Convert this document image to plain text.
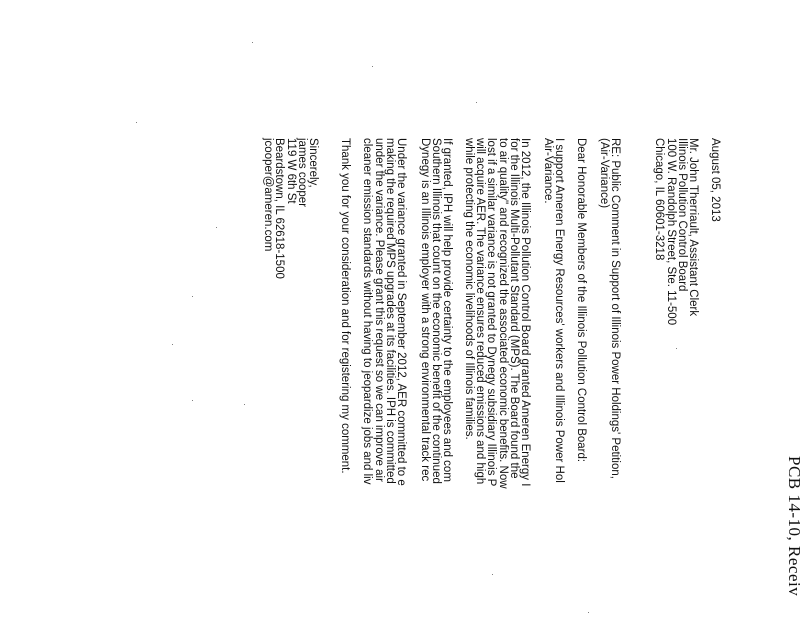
PCB 14-10, Receiv
August 05, 2013
Mr. John Therriault, Assistant Clerk
Illinois Pollution Control Board
100 W. Randolph Street, Ste. 11-500
Chicago, IL 60601-3218
RE: Public Comment in Support of Illinois Power Holdings' Petition,
(Air-Variance)
Dear Honorable Members of the Illinois Pollution Control Board:
I support Ameren Energy Resources' workers and Illinois Power Hol
Air-Variance.
In 2012, the Illinois Pollution Control Board granted Ameren Energy I
for the Illinois Multi-Pollutant Standard (MPS). The Board found the
to air quality" and recognized the associated economic benefits. Now
lost if a similar variance is not granted to Dynegy subsidiary Illinois P
will acquire AER. The variance ensures reduced emissions and high
while protecting the economic livelihoods of Illinois families.
If granted, IPH will help provide certainty to the employees and com
Southern Illinois that count on the economic benefit of the continued
Dynegy is an Illinois employer with a strong environmental track rec
Under the variance granted in September 2012, AER committed to e
making the required MPS upgrades at its facilities. IPH is committed
under the variance. Please grant this request so we can improve air
cleaner emission standards without having to jeopardize jobs and liv
Thank you for your consideration and for registering my comment.
Sincerely,
james cooper
119 W 6th St
Beardstown, IL 62618-1500
jcooper@ameren.com
